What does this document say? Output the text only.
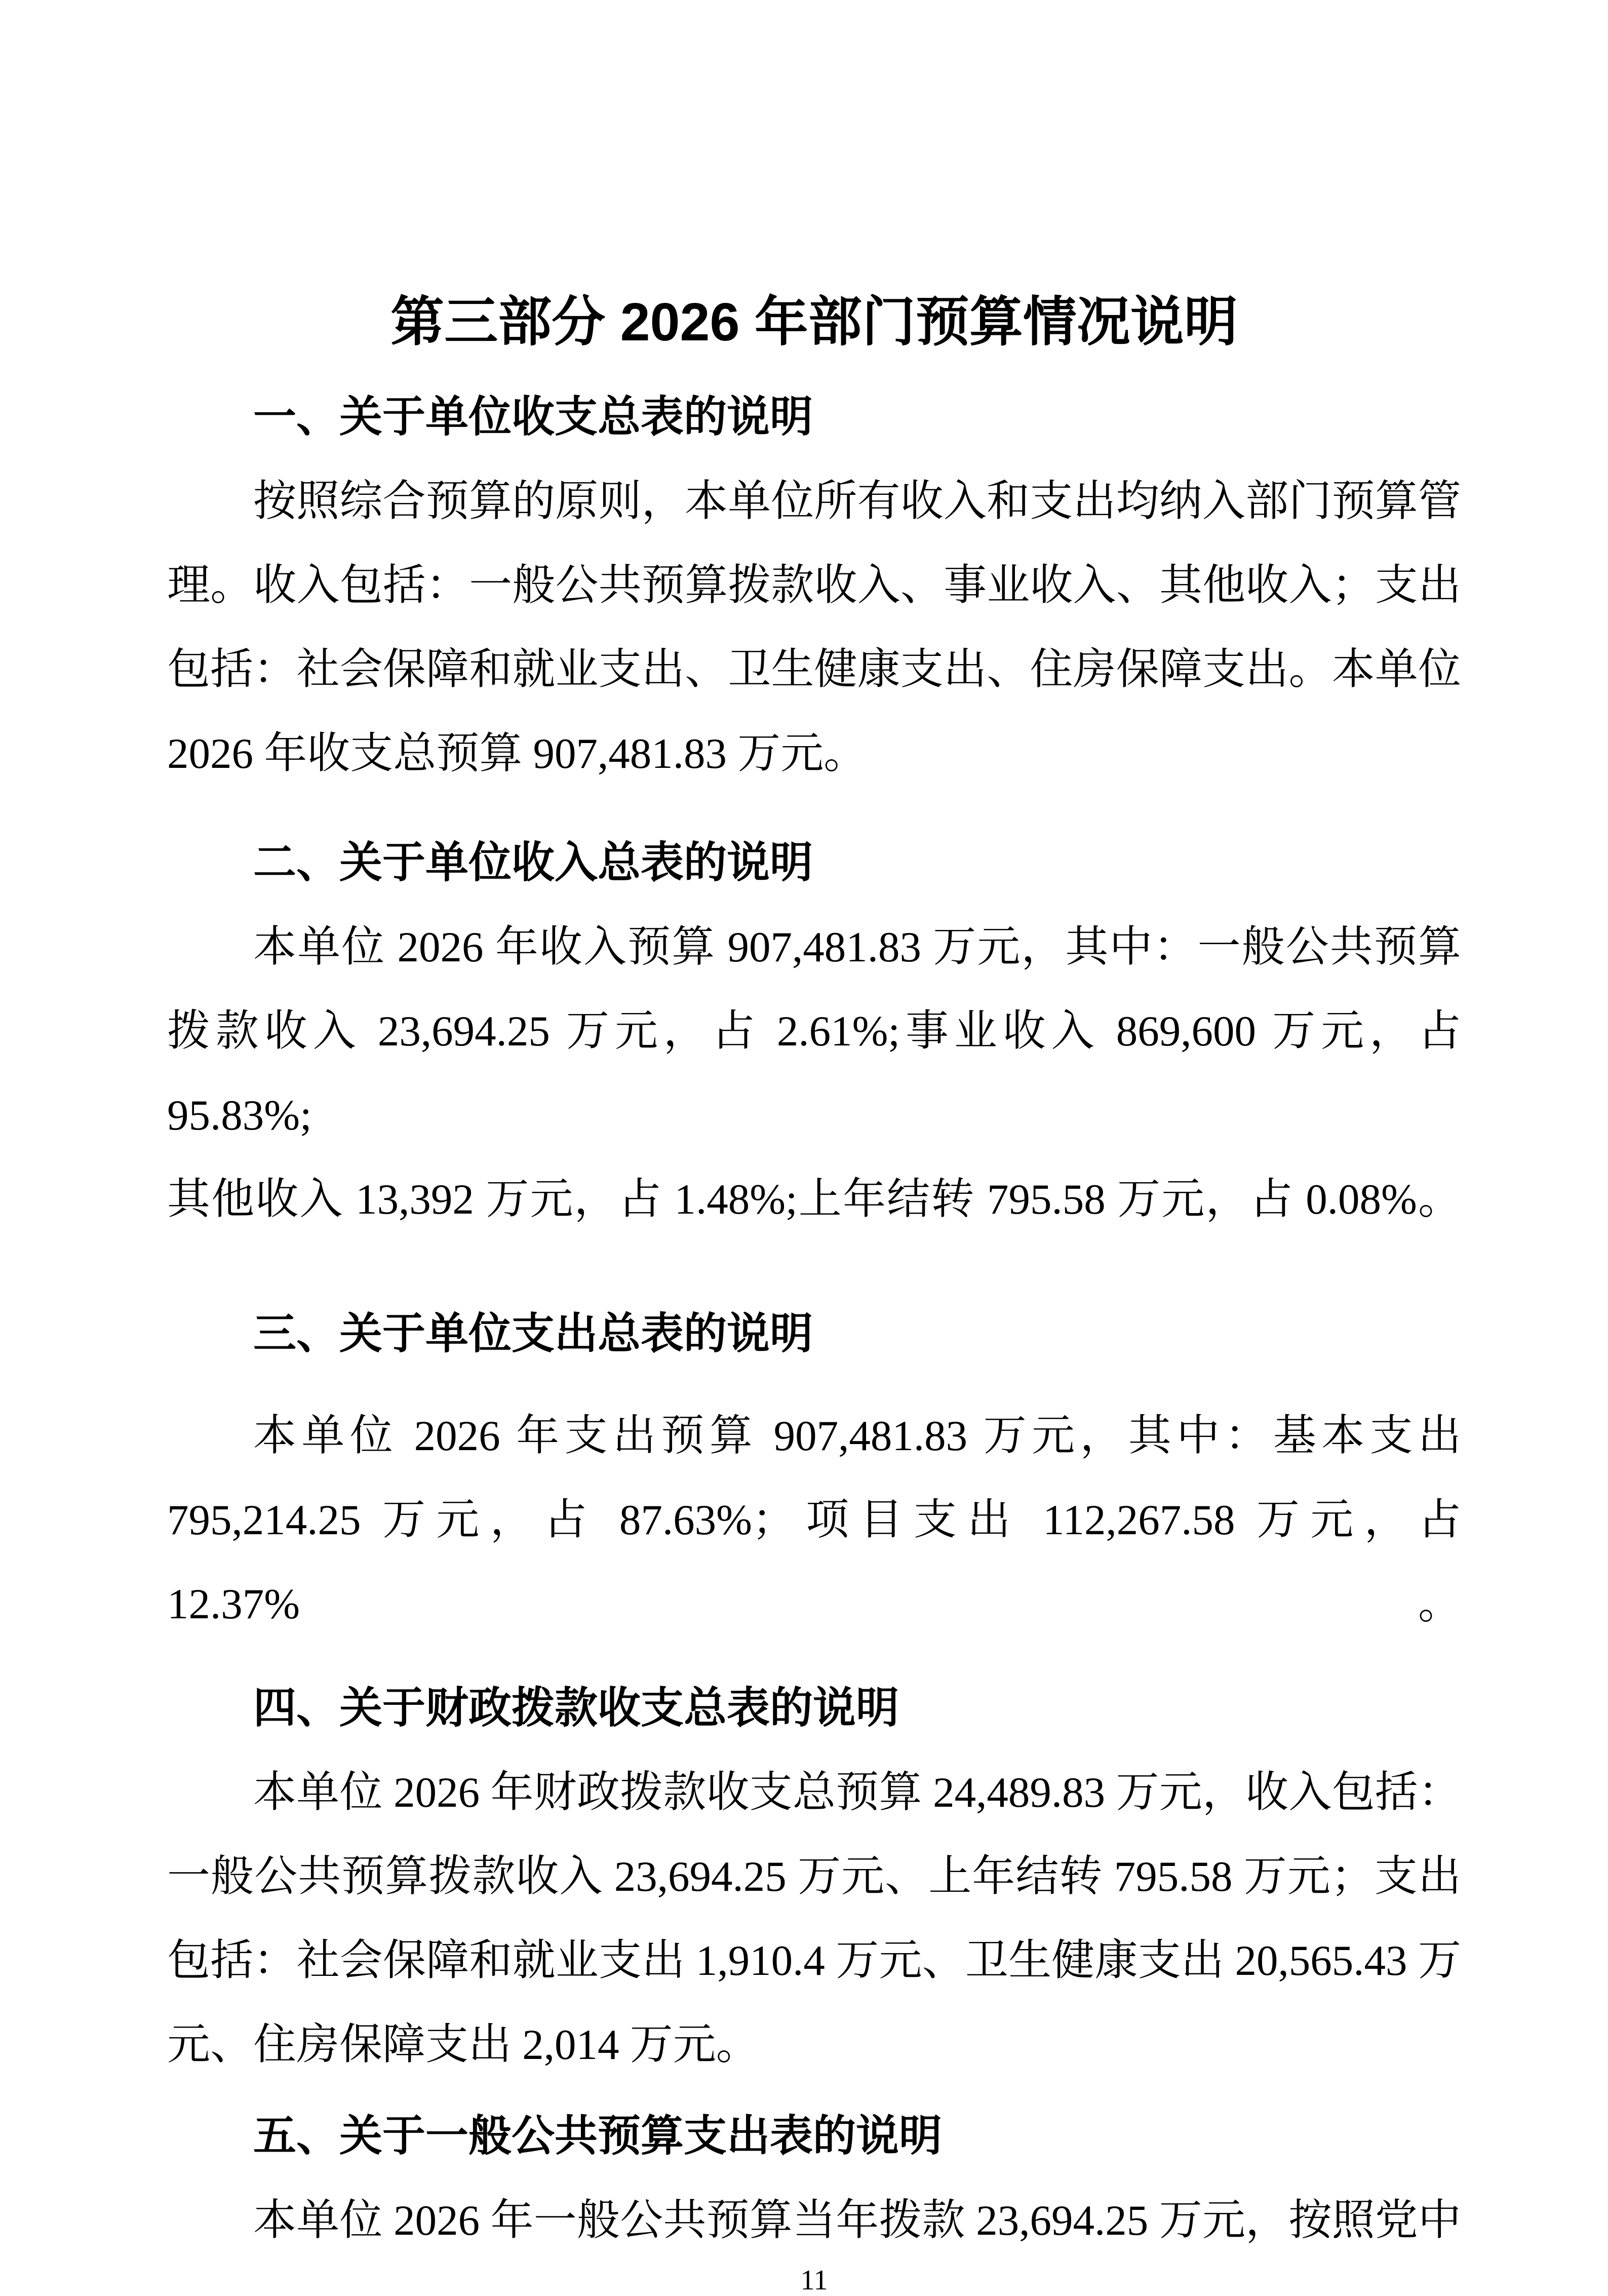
第三部分 2026 年部门预算情况说明
一、关于单位收支总表的说明
按照综合预算的原则，本单位所有收入和支出均纳入部门预算管
理。收入包括：一般公共预算拨款收入、事业收入、其他收入；支出
包括：社会保障和就业支出、卫生健康支出、住房保障支出。本单位
2026 年收支总预算 907,481.83 万元。
二、关于单位收入总表的说明
本单位 2026 年收入预算 907,481.83 万元，其中：一般公共预算
拨款收入 23,694.25 万元，占 2.61%;事业收入 869,600 万元，占 95.83%;
其他收入 13,392 万元，占 1.48%;上年结转 795.58 万元，占 0.08%。
三、关于单位支出总表的说明
本单位 2026 年支出预算 907,481.83 万元，其中：基本支出
795,214.25 万元，占 87.63%；项目支出 112,267.58 万元，占 12.37%。
四、关于财政拨款收支总表的说明
本单位 2026 年财政拨款收支总预算 24,489.83 万元，收入包括：
一般公共预算拨款收入 23,694.25 万元、上年结转 795.58 万元；支出
包括：社会保障和就业支出 1,910.4 万元、卫生健康支出 20,565.43 万
元、住房保障支出 2,014 万元。
五、关于一般公共预算支出表的说明
本单位 2026 年一般公共预算当年拨款 23,694.25 万元，按照党中
11
